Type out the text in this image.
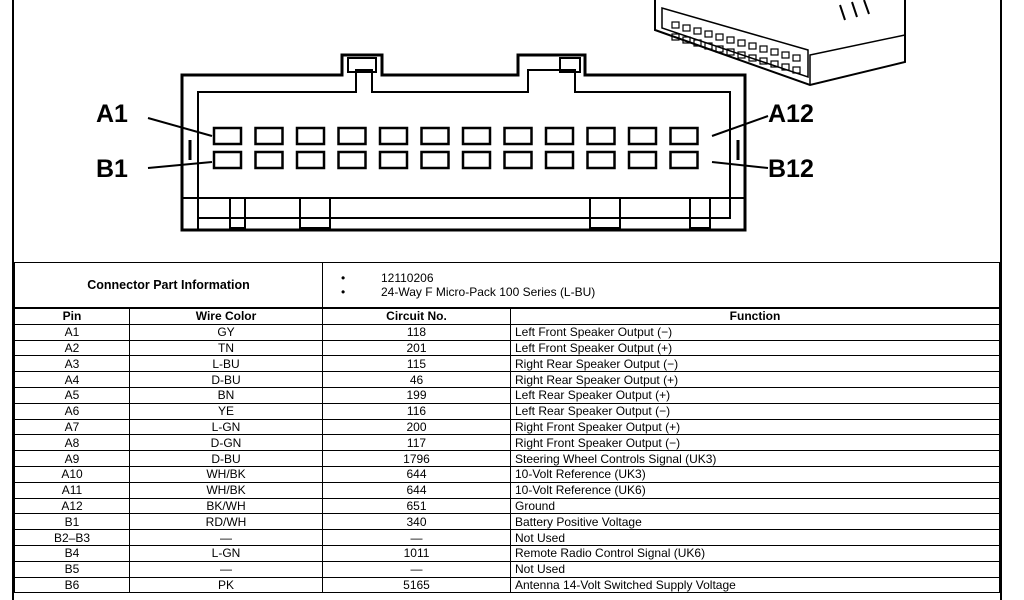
A1
B1
A12
B12
Connector Part Information	
•12110206
• 24-Way F Micro-Pack 100 Series (L-BU)
Pin	Wire Color	Circuit No.	Function
A1	GY	118	Left Front Speaker Output (−)
A2	TN	201	Left Front Speaker Output (+)
A3	L-BU	115	Right Rear Speaker Output (−)
A4	D-BU	46	Right Rear Speaker Output (+)
A5	BN	199	Left Rear Speaker Output (+)
A6	YE	116	Left Rear Speaker Output (−)
A7	L-GN	200	Right Front Speaker Output (+)
A8	D-GN	117	Right Front Speaker Output (−)
A9	D-BU	1796	Steering Wheel Controls Signal (UK3)
A10	WH/BK	644	10-Volt Reference (UK3)
A11	WH/BK	644	10-Volt Reference (UK6)
A12	BK/WH	651	Ground
B1	RD/WH	340	Battery Positive Voltage
B2–B3	—	—	Not Used
B4	L-GN	1011	Remote Radio Control Signal (UK6)
B5	—	—	Not Used
B6	PK	5165	Antenna 14-Volt Switched Supply Voltage
